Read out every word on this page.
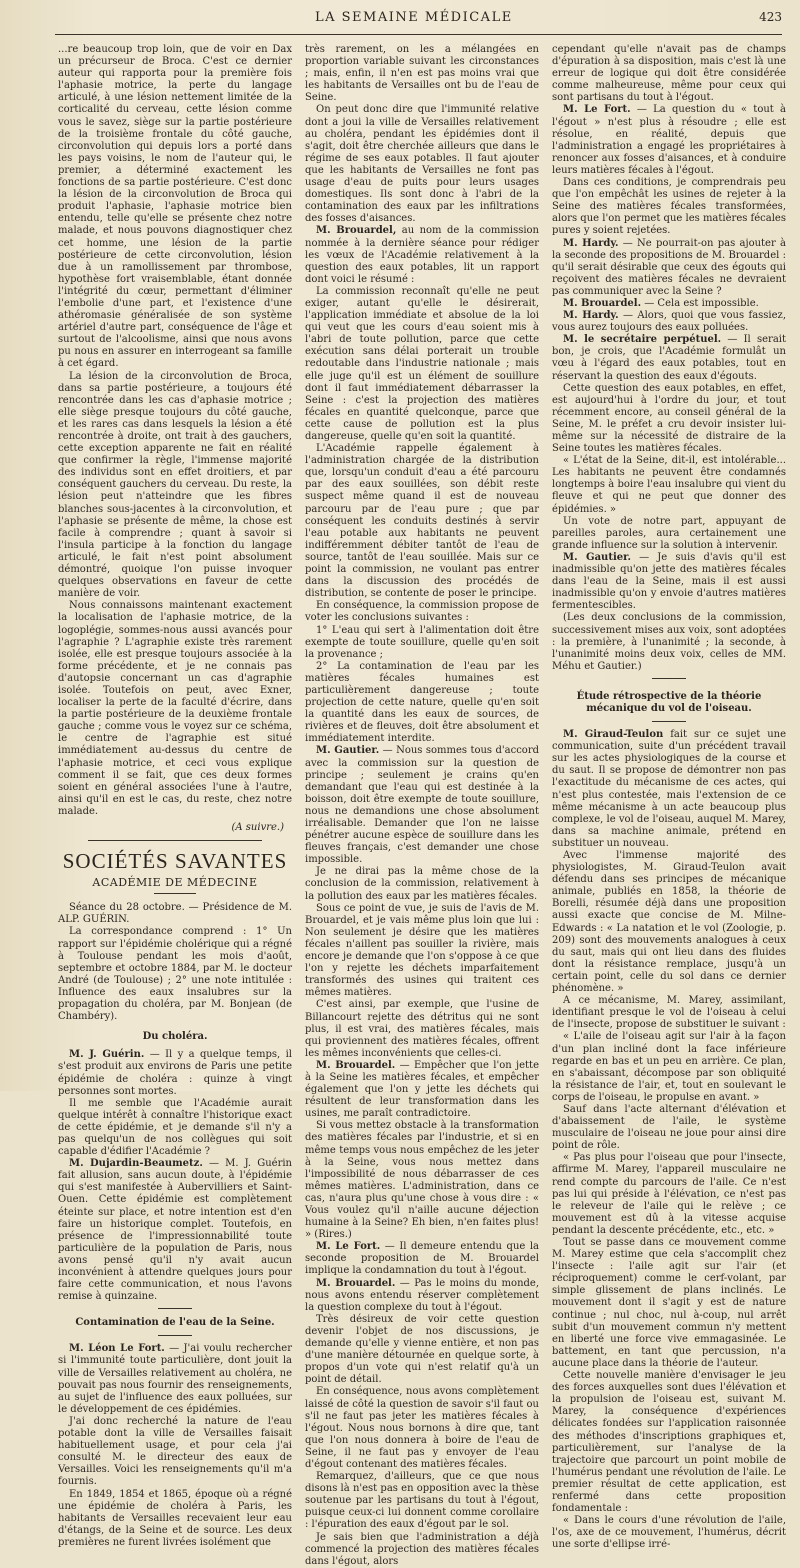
LA SEMAINE MÉDICALE	423

...re beaucoup trop loin, que de voir en Dax un précurseur de Broca. C'est ce dernier auteur qui rapporta pour la première fois l'aphasie motrice, la perte du langage articulé, à une lésion nettement limitée de la corticalité du cerveau, cette lésion comme vous le savez, siège sur la partie postérieure de la troisième frontale du côté gauche, circonvolution qui depuis lors a porté dans les pays voisins, le nom de l'auteur qui, le premier, a déterminé exactement les fonctions de sa partie postérieure. C'est donc la lésion de la circonvolution de Broca qui produit l'aphasie, l'aphasie motrice bien entendu, telle qu'elle se présente chez notre malade, et nous pouvons diagnostiquer chez cet homme, une lésion de la partie postérieure de cette circonvolution, lésion due à un ramollissement par thrombose, hypothèse fort vraisemblable, étant donnée l'intégrité du cœur, permettant d'éliminer l'embolie d'une part, et l'existence d'une athéromasie généralisée de son système artériel d'autre part, conséquence de l'âge et surtout de l'alcoolisme, ainsi que nous avons pu nous en assurer en interrogeant sa famille à cet égard.

La lésion de la circonvolution de Broca, dans sa partie postérieure, a toujours été rencontrée dans les cas d'aphasie motrice ; elle siège presque toujours du côté gauche, et les rares cas dans lesquels la lésion a été rencontrée à droite, ont trait à des gauchers, cette exception apparente ne fait en réalité que confirmer la règle, l'immense majorité des individus sont en effet droitiers, et par conséquent gauchers du cerveau. Du reste, la lésion peut n'atteindre que les fibres blanches sous-jacentes à la circonvolution, et l'aphasie se présente de même, la chose est facile à comprendre ; quant à savoir si l'insula participe à la fonction du langage articulé, le fait n'est point absolument démontré, quoique l'on puisse invoquer quelques observations en faveur de cette manière de voir.

Nous connaissons maintenant exactement la localisation de l'aphasie motrice, de la logoplégie, sommes-nous aussi avancés pour l'agraphie ? L'agraphie existe très rarement isolée, elle est presque toujours associée à la forme précédente, et je ne connais pas d'autopsie concernant un cas d'agraphie isolée. Toutefois on peut, avec Exner, localiser la perte de la faculté d'écrire, dans la partie postérieure de la deuxième frontale gauche ; comme vous le voyez sur ce schéma, le centre de l'agraphie est situé immédiatement au-dessus du centre de l'aphasie motrice, et ceci vous explique comment il se fait, que ces deux formes soient en général associées l'une à l'autre, ainsi qu'il en est le cas, du reste, chez notre malade.

(A suivre.)
SOCIÉTÉS SAVANTES
ACADÉMIE DE MÉDECINE

Séance du 28 octobre. — Présidence de M. ALP. GUÉRIN.

La correspondance comprend : 1° Un rapport sur l'épidémie cholérique qui a régné à Toulouse pendant les mois d'août, septembre et octobre 1884, par M. le docteur André (de Toulouse) ; 2° une note intitulée : Influence des eaux insalubres sur la propagation du choléra, par M. Bonjean (de Chambéry).

Du choléra.

M. J. Guérin. — Il y a quelque temps, il s'est produit aux environs de Paris une petite épidémie de choléra : quinze à vingt personnes sont mortes.

Il me semble que l'Académie aurait quelque intérêt à connaître l'historique exact de cette épidémie, et je demande s'il n'y a pas quelqu'un de nos collègues qui soit capable d'édifier l'Académie ?

M. Dujardin-Beaumetz. — M. J. Guérin fait allusion, sans aucun doute, à l'épidémie qui s'est manifestée à Aubervilliers et Saint-Ouen. Cette épidémie est complètement éteinte sur place, et notre intention est d'en faire un historique complet. Toutefois, en présence de l'impressionnabilité toute particulière de la population de Paris, nous avons pensé qu'il n'y avait aucun inconvénient à attendre quelques jours pour faire cette communication, et nous l'avons remise à quinzaine.

Contamination de l'eau de la Seine.

M. Léon Le Fort. — J'ai voulu rechercher si l'immunité toute particulière, dont jouit la ville de Versailles relativement au choléra, ne pouvait pas nous fournir des renseignements, au sujet de l'influence des eaux polluées, sur le développement de ces épidémies.

J'ai donc recherché la nature de l'eau potable dont la ville de Versailles faisait habituellement usage, et pour cela j'ai consulté M. le directeur des eaux de Versailles. Voici les renseignements qu'il m'a fournis.

En 1849, 1854 et 1865, époque où a régné une épidémie de choléra à Paris, les habitants de Versailles recevaient leur eau d'étangs, de la Seine et de source. Les deux premières ne furent livrées isolément que

très rarement, on les a mélangées en proportion variable suivant les circonstances ; mais, enfin, il n'en est pas moins vrai que les habitants de Versailles ont bu de l'eau de Seine.

On peut donc dire que l'immunité relative dont a joui la ville de Versailles relativement au choléra, pendant les épidémies dont il s'agit, doit être cherchée ailleurs que dans le régime de ses eaux potables. Il faut ajouter que les habitants de Versailles ne font pas usage d'eau de puits pour leurs usages domestiques. Ils sont donc à l'abri de la contamination des eaux par les infiltrations des fosses d'aisances.

M. Brouardel, au nom de la commission nommée à la dernière séance pour rédiger les vœux de l'Académie relativement à la question des eaux potables, lit un rapport dont voici le résumé :

La commission reconnaît qu'elle ne peut exiger, autant qu'elle le désirerait, l'application immédiate et absolue de la loi qui veut que les cours d'eau soient mis à l'abri de toute pollution, parce que cette exécution sans délai porterait un trouble redoutable dans l'industrie nationale ; mais elle juge qu'il est un élément de souillure dont il faut immédiatement débarrasser la Seine : c'est la projection des matières fécales en quantité quelconque, parce que cette cause de pollution est la plus dangereuse, quelle qu'en soit la quantité.

L'Académie rappelle également à l'administration chargée de la distribution que, lorsqu'un conduit d'eau a été parcouru par des eaux souillées, son débit reste suspect même quand il est de nouveau parcouru par de l'eau pure ; que par conséquent les conduits destinés à servir l'eau potable aux habitants ne peuvent indifféremment débiter tantôt de l'eau de source, tantôt de l'eau souillée. Mais sur ce point la commission, ne voulant pas entrer dans la discussion des procédés de distribution, se contente de poser le principe.

En conséquence, la commission propose de voter les conclusions suivantes :

1° L'eau qui sert à l'alimentation doit être exempte de toute souillure, quelle qu'en soit la provenance ;

2° La contamination de l'eau par les matières fécales humaines est particulièrement dangereuse ; toute projection de cette nature, quelle qu'en soit la quantité dans les eaux de sources, de rivières et de fleuves, doit être absolument et immédiatement interdite.

M. Gautier. — Nous sommes tous d'accord avec la commission sur la question de principe ; seulement je crains qu'en demandant que l'eau qui est destinée à la boisson, doit être exempte de toute souillure, nous ne demandions une chose absolument irréalisable. Demander que l'on ne laisse pénétrer aucune espèce de souillure dans les fleuves français, c'est demander une chose impossible.

Je ne dirai pas la même chose de la conclusion de la commission, relativement à la pollution des eaux par les matières fécales.

Sous ce point de vue, je suis de l'avis de M. Brouardel, et je vais même plus loin que lui : Non seulement je désire que les matières fécales n'aillent pas souiller la rivière, mais encore je demande que l'on s'oppose à ce que l'on y rejette les déchets imparfaitement transformés des usines qui traitent ces mêmes matières.

C'est ainsi, par exemple, que l'usine de Billancourt rejette des détritus qui ne sont plus, il est vrai, des matières fécales, mais qui proviennent des matières fécales, offrent les mêmes inconvénients que celles-ci.

M. Brouardel. — Empêcher que l'on jette à la Seine les matières fécales, et empêcher également que l'on y jette les déchets qui résultent de leur transformation dans les usines, me paraît contradictoire.

Si vous mettez obstacle à la transformation des matières fécales par l'industrie, et si en même temps vous nous empêchez de les jeter à la Seine, vous nous mettez dans l'impossibilité de nous débarrasser de ces mêmes matières. L'administration, dans ce cas, n'aura plus qu'une chose à vous dire : « Vous voulez qu'il n'aille aucune déjection humaine à la Seine? Eh bien, n'en faites plus! » (Rires.)

M. Le Fort. — Il demeure entendu que la seconde proposition de M. Brouardel implique la condamnation du tout à l'égout.

M. Brouardel. — Pas le moins du monde, nous avons entendu réserver complètement la question complexe du tout à l'égout.

Très désireux de voir cette question devenir l'objet de nos discussions, je demande qu'elle y vienne entière, et non pas d'une manière détournée en quelque sorte, à propos d'un vote qui n'est relatif qu'à un point de détail.

En conséquence, nous avons complètement laissé de côté la question de savoir s'il faut ou s'il ne faut pas jeter les matières fécales à l'égout. Nous nous bornons à dire que, tant que l'on nous donnera à boire de l'eau de Seine, il ne faut pas y envoyer de l'eau d'égout contenant des matières fécales.

Remarquez, d'ailleurs, que ce que nous disons là n'est pas en opposition avec la thèse soutenue par les partisans du tout à l'égout, puisque ceux-ci lui donnent comme corollaire : l'épuration des eaux d'égout par le sol.

Je sais bien que l'administration a déjà commencé la projection des matières fécales dans l'égout, alors

cependant qu'elle n'avait pas de champs d'épuration à sa disposition, mais c'est là une erreur de logique qui doit être considérée comme malheureuse, même pour ceux qui sont partisans du tout à l'égout.

M. Le Fort. — La question du « tout à l'égout » n'est plus à résoudre ; elle est résolue, en réalité, depuis que l'administration a engagé les propriétaires à renoncer aux fosses d'aisances, et à conduire leurs matières fécales à l'égout.

Dans ces conditions, je comprendrais peu que l'on empêchât les usines de rejeter à la Seine des matières fécales transformées, alors que l'on permet que les matières fécales pures y soient rejetées.

M. Hardy. — Ne pourrait-on pas ajouter à la seconde des propositions de M. Brouardel : qu'il serait désirable que ceux des égouts qui reçoivent des matières fécales ne devraient pas communiquer avec la Seine ?

M. Brouardel. — Cela est impossible.

M. Hardy. — Alors, quoi que vous fassiez, vous aurez toujours des eaux polluées.

M. le secrétaire perpétuel. — Il serait bon, je crois, que l'Académie formulât un vœu à l'égard des eaux potables, tout en réservant la question des eaux d'égouts.

Cette question des eaux potables, en effet, est aujourd'hui à l'ordre du jour, et tout récemment encore, au conseil général de la Seine, M. le préfet a cru devoir insister lui-même sur la nécessité de distraire de la Seine toutes les matières fécales.

« L'état de la Seine, dit-il, est intolérable... Les habitants ne peuvent être condamnés longtemps à boire l'eau insalubre qui vient du fleuve et qui ne peut que donner des épidémies. »

Un vote de notre part, appuyant de pareilles paroles, aura certainement une grande influence sur la solution à intervenir.

M. Gautier. — Je suis d'avis qu'il est inadmissible qu'on jette des matières fécales dans l'eau de la Seine, mais il est aussi inadmissible qu'on y envoie d'autres matières fermentescibles.

(Les deux conclusions de la commission, successivement mises aux voix, sont adoptées : la première, à l'unanimité ; la seconde, à l'unanimité moins deux voix, celles de MM. Méhu et Gautier.)

Étude rétrospective de la théorie mécanique du vol de l'oiseau.

M. Giraud-Teulon fait sur ce sujet une communication, suite d'un précédent travail sur les actes physiologiques de la course et du saut. Il se propose de démontrer non pas l'exactitude du mécanisme de ces actes, qui n'est plus contestée, mais l'extension de ce même mécanisme à un acte beaucoup plus complexe, le vol de l'oiseau, auquel M. Marey, dans sa machine animale, prétend en substituer un nouveau.

Avec l'immense majorité des physiologistes, M. Giraud-Teulon avait défendu dans ses principes de mécanique animale, publiés en 1858, la théorie de Borelli, résumée déjà dans une proposition aussi exacte que concise de M. Milne-Edwards : « La natation et le vol (Zoologie, p. 209) sont des mouvements analogues à ceux du saut, mais qui ont lieu dans des fluides dont la résistance remplace, jusqu'à un certain point, celle du sol dans ce dernier phénomène. »

A ce mécanisme, M. Marey, assimilant, identifiant presque le vol de l'oiseau à celui de l'insecte, propose de substituer le suivant :

« L'aile de l'oiseau agit sur l'air à la façon d'un plan incliné dont la face inférieure regarde en bas et un peu en arrière. Ce plan, en s'abaissant, décompose par son obliquité la résistance de l'air, et, tout en soulevant le corps de l'oiseau, le propulse en avant. »

Sauf dans l'acte alternant d'élévation et d'abaissement de l'aile, le système musculaire de l'oiseau ne joue pour ainsi dire point de rôle.

« Pas plus pour l'oiseau que pour l'insecte, affirme M. Marey, l'appareil musculaire ne rend compte du parcours de l'aile. Ce n'est pas lui qui préside à l'élévation, ce n'est pas le releveur de l'aile qui le relève ; ce mouvement est dû à la vitesse acquise pendant la descente précédente, etc., etc. »

Tout se passe dans ce mouvement comme M. Marey estime que cela s'accomplit chez l'insecte : l'aile agit sur l'air (et réciproquement) comme le cerf-volant, par simple glissement de plans inclinés. Le mouvement dont il s'agit y est de nature continue ; nul choc, nul à-coup, nul arrêt subit d'un mouvement commun n'y mettent en liberté une force vive emmagasinée. Le battement, en tant que percussion, n'a aucune place dans la théorie de l'auteur.

Cette nouvelle manière d'envisager le jeu des forces auxquelles sont dues l'élévation et la propulsion de l'oiseau est, suivant M. Marey, la conséquence d'expériences délicates fondées sur l'application raisonnée des méthodes d'inscriptions graphiques et, particulièrement, sur l'analyse de la trajectoire que parcourt un point mobile de l'humérus pendant une révolution de l'aile. Le premier résultat de cette application, est renfermé dans cette proposition fondamentale :

« Dans le cours d'une révolution de l'aile, l'os, axe de ce mouvement, l'humérus, décrit une sorte d'ellipse irré-
